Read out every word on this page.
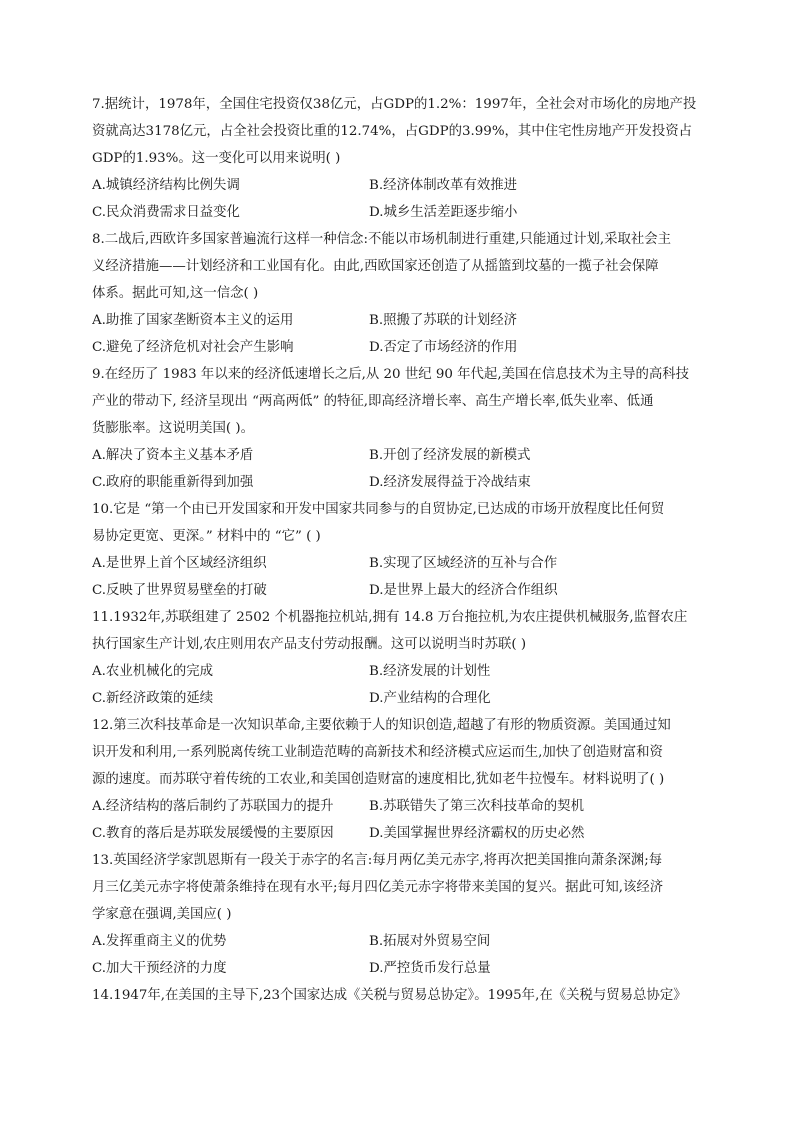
7.据统计，1978年，全国住宅投资仅38亿元，占GDP的1.2%：1997年，全社会对市场化的房地产投
资就高达3178亿元，占全社会投资比重的12.74%，占GDP的3.99%，其中住宅性房地产开发投资占
GDP的1.93%。这一变化可以用来说明( )
A.城镇经济结构比例失调	B.经济体制改革有效推进
C.民众消费需求日益变化	D.城乡生活差距逐步缩小
8.二战后,西欧许多国家普遍流行这样一种信念:不能以市场机制进行重建,只能通过计划,采取社会主
义经济措施——计划经济和工业国有化。由此,西欧国家还创造了从摇篮到坟墓的一揽子社会保障
体系。据此可知,这一信念( )
A.助推了国家垄断资本主义的运用	B.照搬了苏联的计划经济
C.避免了经济危机对社会产生影响	D.否定了市场经济的作用
9.在经历了 1983 年以来的经济低速增长之后,从 20 世纪 90 年代起,美国在信息技术为主导的高科技
产业的带动下, 经济呈现出 “两高两低” 的特征,即高经济增长率、高生产增长率,低失业率、低通
货膨胀率。这说明美国( )。
A.解决了资本主义基本矛盾	B.开创了经济发展的新模式
C.政府的职能重新得到加强	D.经济发展得益于冷战结束
10.它是 “第一个由已开发国家和开发中国家共同参与的自贸协定,已达成的市场开放程度比任何贸
易协定更宽、更深。” 材料中的 “它” ( )
A.是世界上首个区域经济组织	B.实现了区域经济的互补与合作
C.反映了世界贸易壁垒的打破	D.是世界上最大的经济合作组织
11.1932年,苏联组建了 2502 个机器拖拉机站,拥有 14.8 万台拖拉机,为农庄提供机械服务,监督农庄
执行国家生产计划,农庄则用农产品支付劳动报酬。这可以说明当时苏联( )
A.农业机械化的完成	B.经济发展的计划性
C.新经济政策的延续	D.产业结构的合理化
12.第三次科技革命是一次知识革命,主要依赖于人的知识创造,超越了有形的物质资源。美国通过知
识开发和利用,一系列脱离传统工业制造范畴的高新技术和经济模式应运而生,加快了创造财富和资
源的速度。而苏联守着传统的工农业,和美国创造财富的速度相比,犹如老牛拉慢车。材料说明了( )
A.经济结构的落后制约了苏联国力的提升	B.苏联错失了第三次科技革命的契机
C.教育的落后是苏联发展缓慢的主要原因	D.美国掌握世界经济霸权的历史必然
13.英国经济学家凯恩斯有一段关于赤字的名言:每月两亿美元赤字,将再次把美国推向萧条深渊;每
月三亿美元赤字将使萧条维持在现有水平;每月四亿美元赤字将带来美国的复兴。据此可知,该经济
学家意在强调,美国应( )
A.发挥重商主义的优势	B.拓展对外贸易空间
C.加大干预经济的力度	D.严控货币发行总量
14.1947年,在美国的主导下,23个国家达成《关税与贸易总协定》。1995年,在《关税与贸易总协定》
